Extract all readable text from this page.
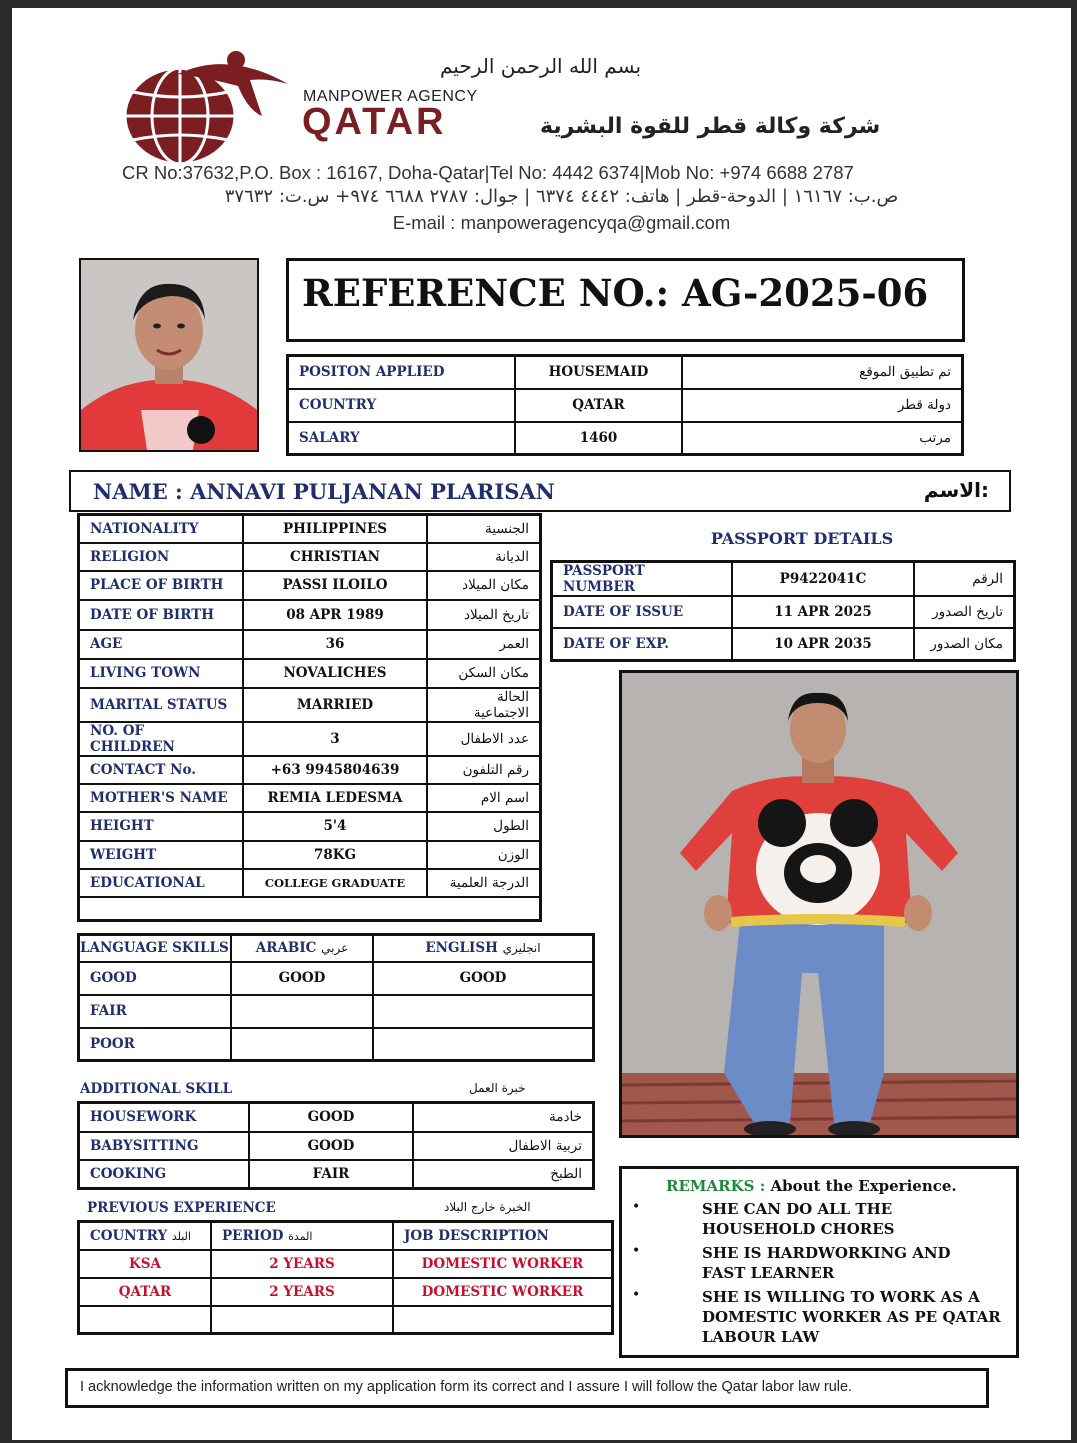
بسم الله الرحمن الرحيم
MANPOWER AGENCY
QATAR	شركة وكالة قطر للقوة البشرية
CR No:37632,P.O. Box : 16167, Doha-Qatar|Tel No: 4442 6374|Mob No: +974 6688 2787
ص.ب: ١٦١٦٧ | الدوحة-قطر | هاتف: ٤٤٤٢ ٦٣٧٤ | جوال: ٢٧٨٧ ٦٦٨٨ ٩٧٤+ س.ت: ٣٧٦٣٢
E-mail : manpoweragencyqa@gmail.com
REFERENCE NO.: AG-2025-06
POSITON APPLIED	HOUSEMAID	تم تطبيق الموقع
COUNTRY	QATAR	دولة قطر
SALARY	1460	مرتب
NAME : ANNAVI PULJANAN PLARISAN	الاسم:
NATIONALITY	PHILIPPINES	الجنسية
RELIGION	CHRISTIAN	الديانة
PLACE OF BIRTH	PASSI ILOILO	مكان الميلاد
DATE OF BIRTH	08 APR 1989	تاريخ الميلاد
AGE	36	العمر
LIVING TOWN	NOVALICHES	مكان السكن
MARITAL STATUS	MARRIED	الحالة الاجتماعية
NO. OF CHILDREN	3	عدد الاطفال
CONTACT No.	+63 9945804639	رقم التلفون
MOTHER'S NAME	REMIA LEDESMA	اسم الام
HEIGHT	5'4	الطول
WEIGHT	78KG	الوزن
EDUCATIONAL	COLLEGE GRADUATE	الدرجة العلمية

PASSPORT DETAILS
PASSPORT NUMBER	P9422041C	الرقم
DATE OF ISSUE	11 APR 2025	تاريخ الصدور
DATE OF EXP.	10 APR 2035	مكان الصدور
LANGUAGE SKILLS	ARABIC عربي	ENGLISH انجليزي
GOOD	GOOD	GOOD
FAIR		
POOR		
ADDITIONAL SKILL	خبرة العمل
HOUSEWORK	GOOD	خادمة
BABYSITTING	GOOD	تربية الاطفال
COOKING	FAIR	الطبخ
PREVIOUS EXPERIENCE	الخبرة خارج البلاد
COUNTRY البلد	PERIOD المدة	JOB DESCRIPTION
KSA	2 YEARS	DOMESTIC WORKER
QATAR	2 YEARS	DOMESTIC WORKER

REMARKS : About the Experience.
•	SHE CAN DO ALL THE HOUSEHOLD CHORES
•	SHE IS HARDWORKING AND FAST LEARNER
•	SHE IS WILLING TO WORK AS A DOMESTIC WORKER AS PE QATAR LABOUR LAW
I acknowledge the information written on my application form its correct and I assure I will follow the Qatar labor law rule.
